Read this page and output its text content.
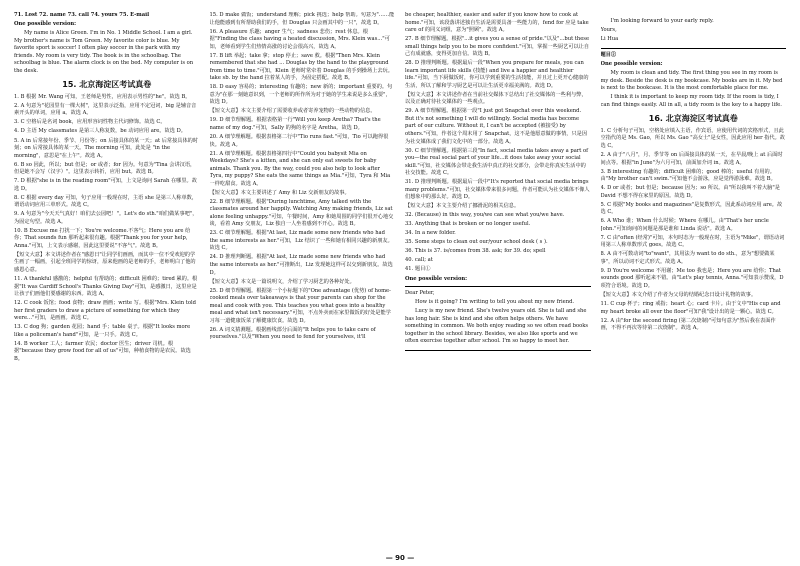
71. Lost 72. name 73. call 74. yours 75. E-mail

One possible version:

My name is Alice Green. I'm in No. 1 Middle School. I am a girl. My brother's name is Tom Green. My favorite color is blue. My favorite sport is soccer! I often play soccer in the park with my friends. My room is very tidy. The book is in the schoolbag. The schoolbag is blue. The alarm clock is on the bed. My computer is on the desk.

15. 北京海淀区考试真卷

1. B 根据 Mr. Wang 可知，王老师是男性，应用表示男性的"he"。故选 B。

2. A 句意为"花园里有一棵大树"，这里表示泛指，应用不定冠词，big 是辅音音素开头的单词，应用 a。故选 A。

3. C 空格后是名词 book，应用形容词性物主代词修饰。故选 C。

4. D 主语 My classmates 是第三人称复数，be 动词应用 are。故选 D。

5. A in 后常接年份、季节、月份等；on 后接具体的某一天；at 后常接具体的时刻；on 后常接具体的某一天。The morning 可知，此处是 "in the morning"，意思是"在上午"。故选 A。

6. B so 因此，所以；but 但是；or 或者；for 因为。句意为"Tina 会讲汉语，但是她不会写（汉字）"。这里表示转折，应用 but。故选 B。

7. D 根据"she is in the reading room"可知，上文是询问 Sarah 在哪里。故选 D。

8. C 根据 every day 可知，句子应用一般现在时，主语 she 是第三人称单数，谓语动词应用三单形式。故选 C。

9. A 句意为"今天天气真好！咱们去公园吧！"。Let's do sth."咱们做某事吧"，为固定句型。故选 A。

10. B Excuse me 打扰一下；You're welcome.不客气；Here you are 给你；That sounds fun 那听起来很有趣。根据"Thank you for your help, Anna."可知，上文表示感谢，因此这里要说"不客气"。故选 B。

【短文大意】本文讲述作者在"感恩日"让同学们画画，而其中一位不受欢迎的学生画了一幅画，引起全班同学的惊讶，原来他画的是老师的手，老师明白了他的感恩心意。

11. A thankful 感激的；helpful 有帮助的；difficult 困难的；tired 累的。根据"It was Cardiff School's Thanks Giving Day"可知，是感激日，这里应是让孩子们画他们要感谢的东西。故选 A。

12. C cook 饭馆；food 食物；draw 画画；write 写。根据"Mrs. Klein told her first graders to draw a picture of something for which they were..."可知，是画画。故选 C。

13. C dog 狗；garden 花园；hand 手；table 桌子。根据"It looks more like a policeman's hand"可知，是一只手。故选 C。

14. B worker 工人；farmer 农民；doctor 医生；driver 司机。根据"because they grow food for all of us"可知，种植食物的是农民。故选 B。

15. D make 做饭；understand 理解；pick 挑选；help 帮助。句意为"……能让他能感到有所帮助我们的手，但 Douglas 只会画其中的一只"，故选 D。

16. A pleasure 乐趣；anger 生气；sadness 悲伤；rest 休息。根据"Finding the class having a heated discussion, Mrs. Klein was..."可知，老师看到学生们热情高涨的讨论会很高兴，故选 A。

17. B lift 举起；take 拿；stop 停止；save 救。根据"Then Mrs. Klein remembered that she had ... Douglas by the hand to the playground from time to time."可知，Klein 老师时常牵着 Douglas 的手到操场上去玩。take sb. by the hand 拉着某人的手，为固定搭配。故选 B。

18. D easy 容易的；interesting 有趣的；new 新的；important 重要的。句意为"在那一刻她意识到，一个老师的所作所为对于她的学生来说是多么重要"，故选 D。

【短文大意】本文主要介绍了需要收养或者寄养宠物的一些动物的信息。

19. D 细节理解题。根据表格第一行"Will you keep Aretha? That's the name of my dog."可知，Sally 的狗的名字是 Aretha。故选 D。

20. A 细节理解题。根据表格第二行中"Tio runs fast."可知，Tio 可以跑得很快。故选 A。

21. A 细节理解题。根据表格第四行中"Could you babysit Mia on Weekdays? She's a kitten, and she can only eat sweets for baby animals. Thank you. By the way, could you also help to look after Tyra, my puppy? She eats the same things as Mia."可知，Tyra 和 Mia 一样吃甜食。故选 A。

【短文大意】本文主要讲述了 Amy 和 Liz 交新朋友的故事。

22. B 细节理解题。根据"During lunchtime, Amy talked with the classmates around her happily. Watching Amy making friends, Liz sat alone feeling unhappy."可知，午餐时间，Amy 和她周围的同学们很开心地交谈，看着 Amy 交朋友，Liz 独自一人坐着感到不开心。故选 B。

23. C 细节理解题。根据"At last, Liz made some new friends who had the same interests as her."可知，Liz 结识了一些和她有相同兴趣的新朋友。故选 C。

24. D 推理判断题。根据"At last, Liz made some new friends who had the same interests as her."可推断出，Liz 发现她这样可以交到新朋友。故选 D。

【短文大意】本文是一篇说明文，介绍了学习厨艺的各种好处。

25. D 细节理解题。根据第一个小标题下的"One advantage (优势) of home-cooked meals over takeaways is that your parents can shop for the meal and cook with you. This teaches you what goes into a healthy meal and what isn't necessary."可知，不点外卖而在家里做饭的好处是能学习每一道健康饭菜了解健康饮食。故选 D。

26. A 词义猜测题。根据画线部分后面的"It helps you to take care of yourselves."以及"When you need to fend for yourselves, it'll

be cheaper, healthier, easier and safer if you know how to cook at home."可知，该段落讲述独自生活是需要具备一些能力的，fend for 应是 take care of 的同义词组，意为"照顾"。故选 A。

27. B 细节理解题。根据"...it gives you a sense of pride."以及"...but these small things help you to be more confident."可知，掌握一些厨艺可以让自己有成就感，变得更加自信。故选 B。

28. D 推理判断题。根据最后一段"When you prepare for meals, you can learn important life skills (技能) and live a happier and healthier life."可知，当下厨做饭时，你可以学到重要的生活技能，并且过上更开心健康的生活，所以了解和学习厨艺是可以让生活更幸福美满的。故选 D。

【短文大意】本文讲述作者在当前社交媒体下总结出了社交媒体的一些利与弊，以及正确对待社交媒体的一些观点。

29. A 细节理解题。根据第一段"I just got Snapchat over this weekend. But it's not something I will do willingly. Social media has become part of our culture. Without it, I can't be accepted (被接受) by others."可知，作者这个周末用了 Snapchat，这不是他愿意做的事情，只是因为社交媒体成了我们文化中的一部分。故选 A。

30. C 细节理解题。根据第三段"In fact, social media takes away a part of you—the real social part of your life...it does take away your social skill."可知，社交媒体会带走我生活中真正的社交部分，会带走你真实生活中的社交技能。故选 C。

31. D 推理判断题。根据最后一段中"It's reported that social media brings many problems."可知，社交媒体带来很多问题，作者可能认为社交媒体不像人们想象中的那么好。故选 D。

【短文大意】本文主要介绍了挪滑泥的相关信息。

32. (Because) in this way, you/we can see what you/we have.

33. Anything that is broken or no longer useful.

34. In a new folder.

35. Some steps to clean out our/your school desk ( s ).

36. This is 37. is/comes from 38. ask; for 39. do; spell

40. call; at

41. 题目①

One possible version:

Dear Peter,

How is it going? I'm writing to tell you about my new friend.

Lucy is my new friend. She's twelve years old. She is tall and she has long hair. She is kind and she often helps others. We have something in common. We both enjoy reading so we often read books together in the school library. Besides, we also like sports and we often exercise together after school. I'm so happy to meet her.

I'm looking forward to your early reply.

Yours,

Li Hua

题目②

One possible version:

My room is clean and tidy. The first thing you see in my room is my desk. Beside the desk is my bookcase. My books are in it. My bed is next to the bookcase. It is the most comfortable place for me.

I think it is important to keep my room tidy. If the room is tidy, I can find things easily. All in all, a tidy room is the key to a happy life.

16. 北京海淀区考试真卷

1. C 分析句子可知，空格处应填入主语，作宾语，应使用代词的宾格形式，且此空指代的是 Ms. Gao，所以 Ms. Gao "高女士"是女性，因此应用 her 指代。故选 C。

2. A 由于"八月"，月、季节等 on 后面接具体的某一天，在早晨/晚上 at 后面时间点等。根据"in June"为六月可知，前面加介词 in。故选 A。

3. B interesting 有趣的；difficult 困难的；good 棒的；useful 有用的。由"My brother can't swim."可知他不会游泳，应是觉得游泳难。故选 B。

4. D or 或者；but 但是；because 因为；so 所以。由"所以我叫不着大脑"是 David 不想不得在家里的原因。故选 D。

5. C 根据"My books and magazines"是复数形式，因此系动词应用 are。故选 C。

6. A Who 谁；When 什么时候；Where 在哪儿。由"That's her uncle John."可知询问的问题是那是谁和 Linda 说话"。故选 A。

7. C 由"often (经常)"可知，本句时态为一般现在时，主语为"Mike"，谓语动词用第三人称单数形式 goes。故选 C。

8. A 由不可数动词"to"want"，其用法为 want to do sth.，意为"想要做某事"，所以动词不定式形式。故选 A。

9. D You're welcome 不用谢；Me too 我也是；Here you are 给你；That sounds good 那听起来不错。由"Let's play tennis, Anna."可知表示赞成，D 项符合语境。故选 D。

【短文大意】本文介绍了作者为父母的结婚纪念日设计礼物的故事。

11. C cup 杯子；ring 戒指；heart 心；card 卡片。由于文中"His cup and my heart broke all over the floor"可知"我"设计出的是一颗心。故选 C。

12. A 由"for the second firing (第二次烧制)"可知句意为"然后我在表面作画，不得不再次等待第二次烧制"。故选 A。

— 90 —
